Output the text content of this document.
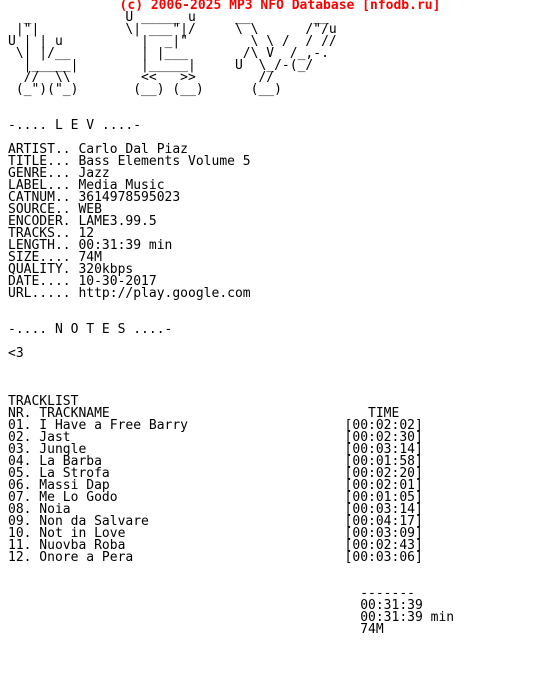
(c) 2006-2025 MP3 NFO Database [nfodb.ru]
_            U _____ u     __        __
|"|           \| ___"|/     \ \      /"/u
U | | u          |  _|"        \ \ /  / //
\| |/__         | |___       /\ V  /_,-.
|_____|        |_____|     U  \_/-(_/
//  \\         <<   >>        //
(_")("_)       (__) (__)      (__)

-.... L E V ....-

ARTIST.. Carlo Dal Piaz
TITLE... Bass Elements Volume 5
GENRE... Jazz
LABEL... Media Music
CATNUM.. 3614978595023
SOURCE.. WEB
ENCODER. LAME3.99.5
TRACKS.. 12
LENGTH.. 00:31:39 min
SIZE.... 74M
QUALITY. 320kbps
DATE.... 10-30-2017
URL..... http://play.google.com

-.... N O T E S ....-

<3

TRACKLIST
NR. TRACKNAME                                 TIME
01. I Have a Free Barry                    [00:02:02]
02. Jast                                   [00:02:30]
03. Jungle                                 [00:03:14]
04. La Barba                               [00:01:58]
05. La Strofa                              [00:02:20]
06. Massi Dap                              [00:02:01]
07. Me Lo Godo                             [00:01:05]
08. Noia                                   [00:03:14]
09. Non da Salvare                         [00:04:17]
10. Not in Love                            [00:03:09]
11. Nuovba Roba                            [00:02:43]
12. Onore a Pera                           [00:03:06]

-------
00:31:39
00:31:39 min
74M
